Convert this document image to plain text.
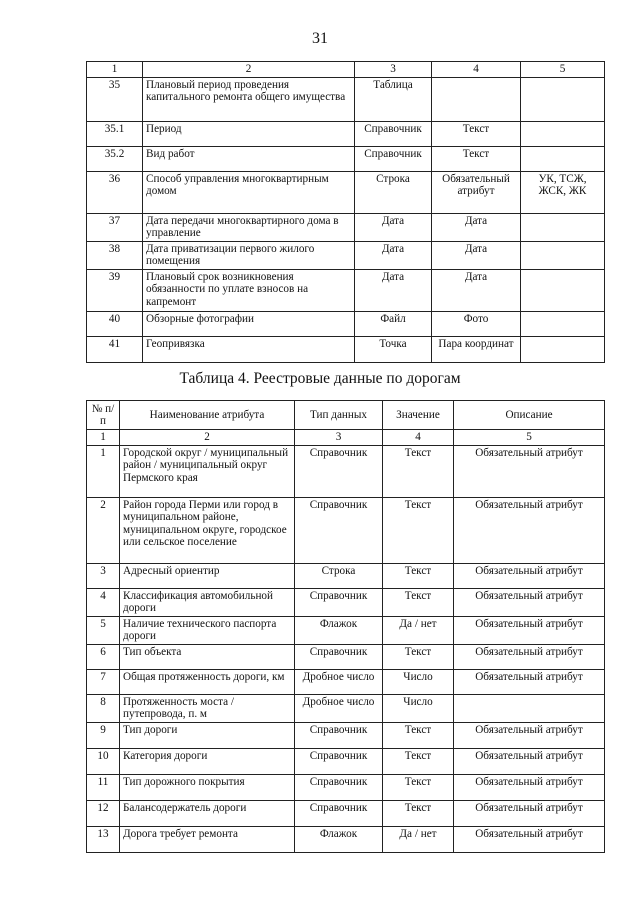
31
1	2	3	4	5
35	Плановый период проведения капитального ремонта общего имущества	Таблица		
35.1	Период	Справочник	Текст	
35.2	Вид работ	Справочник	Текст	
36	Способ управления многоквартирным домом	Строка	Обязательный атрибут	УК, ТСЖ, ЖСК, ЖК
37	Дата передачи многоквартирного дома в управление	Дата	Дата	
38	Дата приватизации первого жилого помещения	Дата	Дата	
39	Плановый срок возникновения обязанности по уплате взносов на капремонт	Дата	Дата	
40	Обзорные фотографии	Файл	Фото	
41	Геопривязка	Точка	Пара координат	
Таблица 4. Реестровые данные по дорогам
№ п/п	Наименование атрибута	Тип данных	Значение	Описание
1	2	3	4	5
1	Городской округ / муниципальный район / муниципальный округ Пермского края	Справочник	Текст	Обязательный атрибут
2	Район города Перми или город в муниципальном районе, муниципальном округе, городское или сельское поселение	Справочник	Текст	Обязательный атрибут
3	Адресный ориентир	Строка	Текст	Обязательный атрибут
4	Классификация автомобильной дороги	Справочник	Текст	Обязательный атрибут
5	Наличие технического паспорта дороги	Флажок	Да / нет	Обязательный атрибут
6	Тип объекта	Справочник	Текст	Обязательный атрибут
7	Общая протяженность дороги, км	Дробное число	Число	Обязательный атрибут
8	Протяженность моста / путепровода, п. м	Дробное число	Число	
9	Тип дороги	Справочник	Текст	Обязательный атрибут
10	Категория дороги	Справочник	Текст	Обязательный атрибут
11	Тип дорожного покрытия	Справочник	Текст	Обязательный атрибут
12	Балансодержатель дороги	Справочник	Текст	Обязательный атрибут
13	Дорога требует ремонта	Флажок	Да / нет	Обязательный атрибут
